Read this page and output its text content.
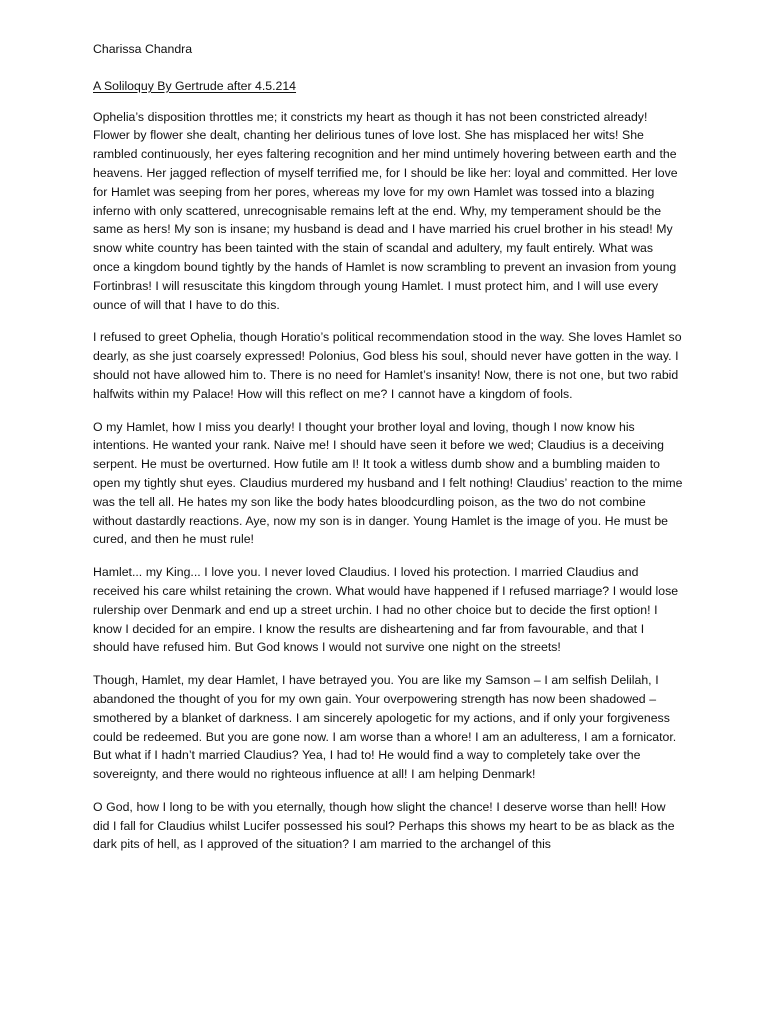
Charissa Chandra

A Soliloquy By Gertrude after 4.5.214

Ophelia’s disposition throttles me; it constricts my heart as though it has not been constricted already! Flower by flower she dealt, chanting her delirious tunes of love lost. She has misplaced her wits! She rambled continuously, her eyes faltering recognition and her mind untimely hovering between earth and the heavens. Her jagged reflection of myself terrified me, for I should be like her: loyal and committed. Her love for Hamlet was seeping from her pores, whereas my love for my own Hamlet was tossed into a blazing inferno with only scattered, unrecognisable remains left at the end. Why, my temperament should be the same as hers! My son is insane; my husband is dead and I have married his cruel brother in his stead! My snow white country has been tainted with the stain of scandal and adultery, my fault entirely. What was once a kingdom bound tightly by the hands of Hamlet is now scrambling to prevent an invasion from young Fortinbras! I will resuscitate this kingdom through young Hamlet. I must protect him, and I will use every ounce of will that I have to do this.

I refused to greet Ophelia, though Horatio’s political recommendation stood in the way. She loves Hamlet so dearly, as she just coarsely expressed! Polonius, God bless his soul, should never have gotten in the way. I should not have allowed him to. There is no need for Hamlet’s insanity! Now, there is not one, but two rabid halfwits within my Palace! How will this reflect on me? I cannot have a kingdom of fools.

O my Hamlet, how I miss you dearly! I thought your brother loyal and loving, though I now know his intentions. He wanted your rank. Naive me! I should have seen it before we wed; Claudius is a deceiving serpent. He must be overturned. How futile am I! It took a witless dumb show and a bumbling maiden to open my tightly shut eyes. Claudius murdered my husband and I felt nothing! Claudius’ reaction to the mime was the tell all. He hates my son like the body hates bloodcurdling poison, as the two do not combine without dastardly reactions. Aye, now my son is in danger. Young Hamlet is the image of you. He must be cured, and then he must rule!

Hamlet... my King... I love you. I never loved Claudius. I loved his protection. I married Claudius and received his care whilst retaining the crown. What would have happened if I refused marriage? I would lose rulership over Denmark and end up a street urchin. I had no other choice but to decide the first option! I know I decided for an empire. I know the results are disheartening and far from favourable, and that I should have refused him. But God knows I would not survive one night on the streets!

Though, Hamlet, my dear Hamlet, I have betrayed you. You are like my Samson – I am selfish Delilah, I abandoned the thought of you for my own gain. Your overpowering strength has now been shadowed – smothered by a blanket of darkness. I am sincerely apologetic for my actions, and if only your forgiveness could be redeemed. But you are gone now. I am worse than a whore! I am an adulteress, I am a fornicator. But what if I hadn’t married Claudius? Yea, I had to! He would find a way to completely take over the sovereignty, and there would no righteous influence at all! I am helping Denmark!

O God, how I long to be with you eternally, though how slight the chance! I deserve worse than hell! How did I fall for Claudius whilst Lucifer possessed his soul? Perhaps this shows my heart to be as black as the dark pits of hell, as I approved of the situation? I am married to the archangel of this
